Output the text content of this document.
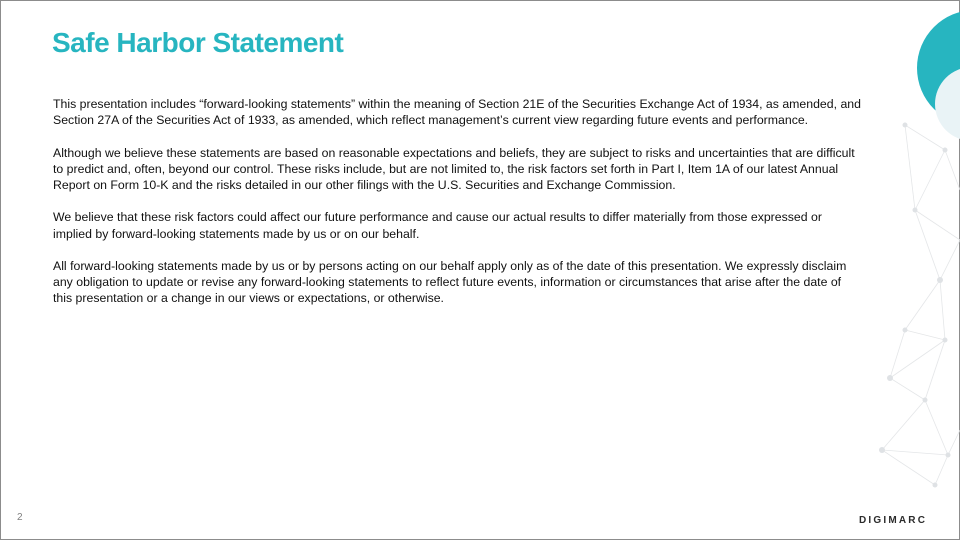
Safe Harbor Statement

This presentation includes “forward-looking statements” within the meaning of Section 21E of the Securities Exchange Act of 1934, as amended, and Section 27A of the Securities Act of 1933, as amended, which reflect management’s current view regarding future events and performance.

Although we believe these statements are based on reasonable expectations and beliefs, they are subject to risks and uncertainties that are difficult to predict and, often, beyond our control. These risks include, but are not limited to, the risk factors set forth in Part I, Item 1A of our latest Annual Report on Form 10-K and the risks detailed in our other filings with the U.S. Securities and Exchange Commission.

We believe that these risk factors could affect our future performance and cause our actual results to differ materially from those expressed or implied by forward-looking statements made by us or on our behalf.

All forward-looking statements made by us or by persons acting on our behalf apply only as of the date of this presentation. We expressly disclaim any obligation to update or revise any forward-looking statements to reflect future events, information or circumstances that arise after the date of this presentation or a change in our views or expectations, or otherwise.

2	DIGIMARC
